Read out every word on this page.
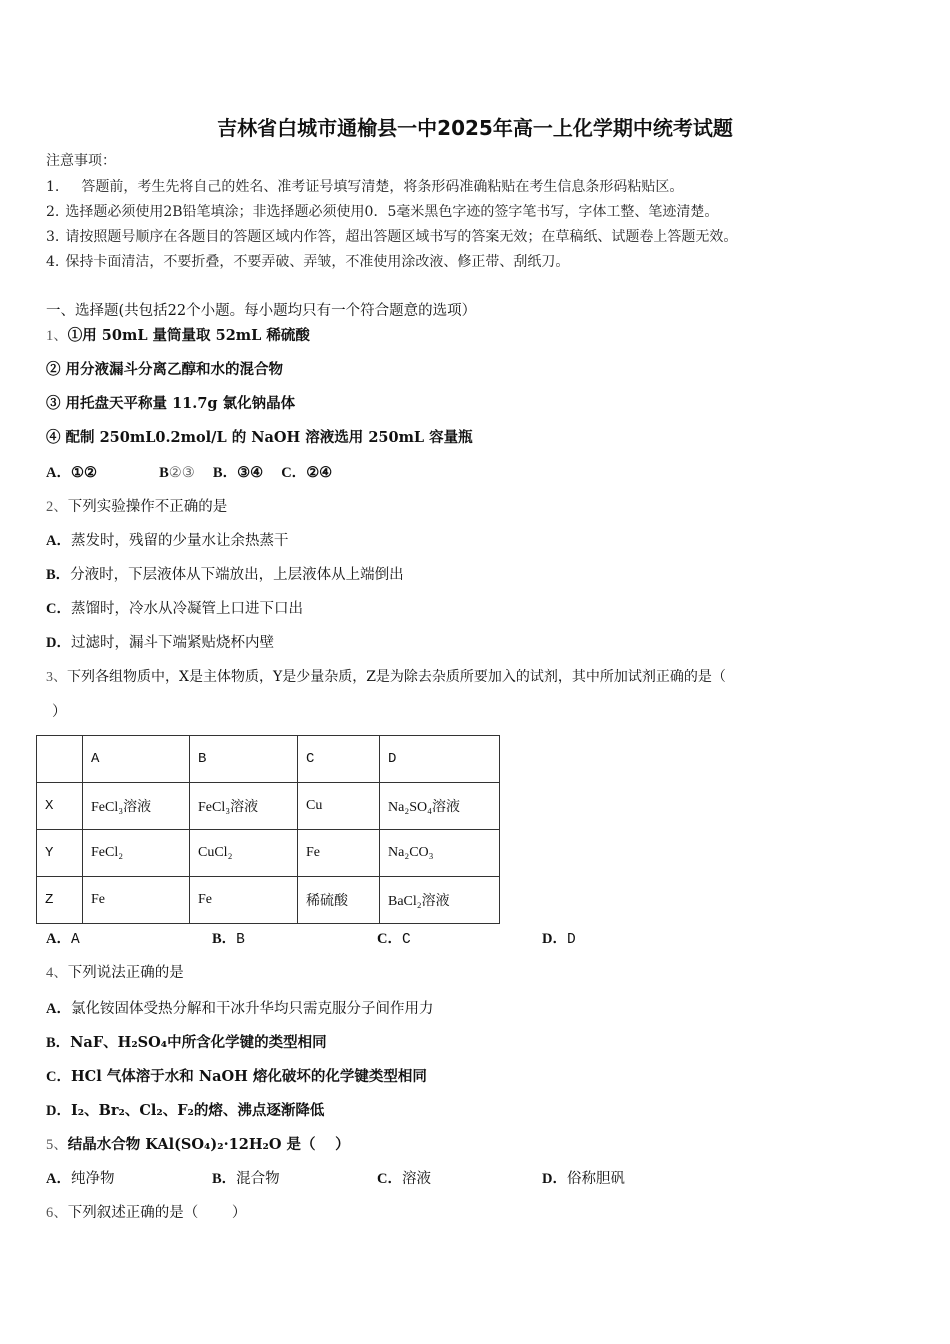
吉林省白城市通榆县一中2025年高一上化学期中统考试题
注意事项：
1. 答题前，考生先将自己的姓名、准考证号填写清楚，将条形码准确粘贴在考生信息条形码粘贴区。
2. 选择题必须使用2B铅笔填涂；非选择题必须使用0．5毫米黑色字迹的签字笔书写，字体工整、笔迹清楚。
3. 请按照题号顺序在各题目的答题区域内作答，超出答题区域书写的答案无效；在草稿纸、试题卷上答题无效。
4. 保持卡面清洁，不要折叠，不要弄破、弄皱，不准使用涂改液、修正带、刮纸刀。
一、选择题(共包括22个小题。每小题均只有一个符合题意的选项）
1、①用 50mL 量筒量取 52mL 稀硫酸
② 用分液漏斗分离乙醇和水的混合物
③ 用托盘天平称量 11.7g 氯化钠晶体
④ 配制 250mL0.2mol/L 的 NaOH 溶液选用 250mL 容量瓶
A．①②	B②③ B．③④ C．②④
2、下列实验操作不正确的是
A．蒸发时，残留的少量水让余热蒸干
B．分液时，下层液体从下端放出，上层液体从上端倒出
C．蒸馏时，冷水从冷凝管上口进下口出
D．过滤时，漏斗下端紧贴烧杯内壁
3、下列各组物质中，X是主体物质，Y是少量杂质，Z是为除去杂质所要加入的试剂，其中所加试剂正确的是（
）
	A	B	C	D
X	FeCl₃溶液	FeCl₃溶液	Cu	Na₂SO₄溶液
Y	FeCl₂	CuCl₂	Fe	Na₂CO₃
Z	Fe	Fe	稀硫酸	BaCl₂溶液
A．A	B．B	C．C	D．D
4、下列说法正确的是
A．氯化铵固体受热分解和干冰升华均只需克服分子间作用力
B．NaF、H₂SO₄中所含化学键的类型相同
C．HCl 气体溶于水和 NaOH 熔化破坏的化学键类型相同
D．I₂、Br₂、Cl₂、F₂的熔、沸点逐渐降低
5、结晶水合物 KAl(SO₄)₂·12H₂O 是（　 ）
A．纯净物	B．混合物	C．溶液	D．俗称胆矾
6、下列叙述正确的是（　　 ）
